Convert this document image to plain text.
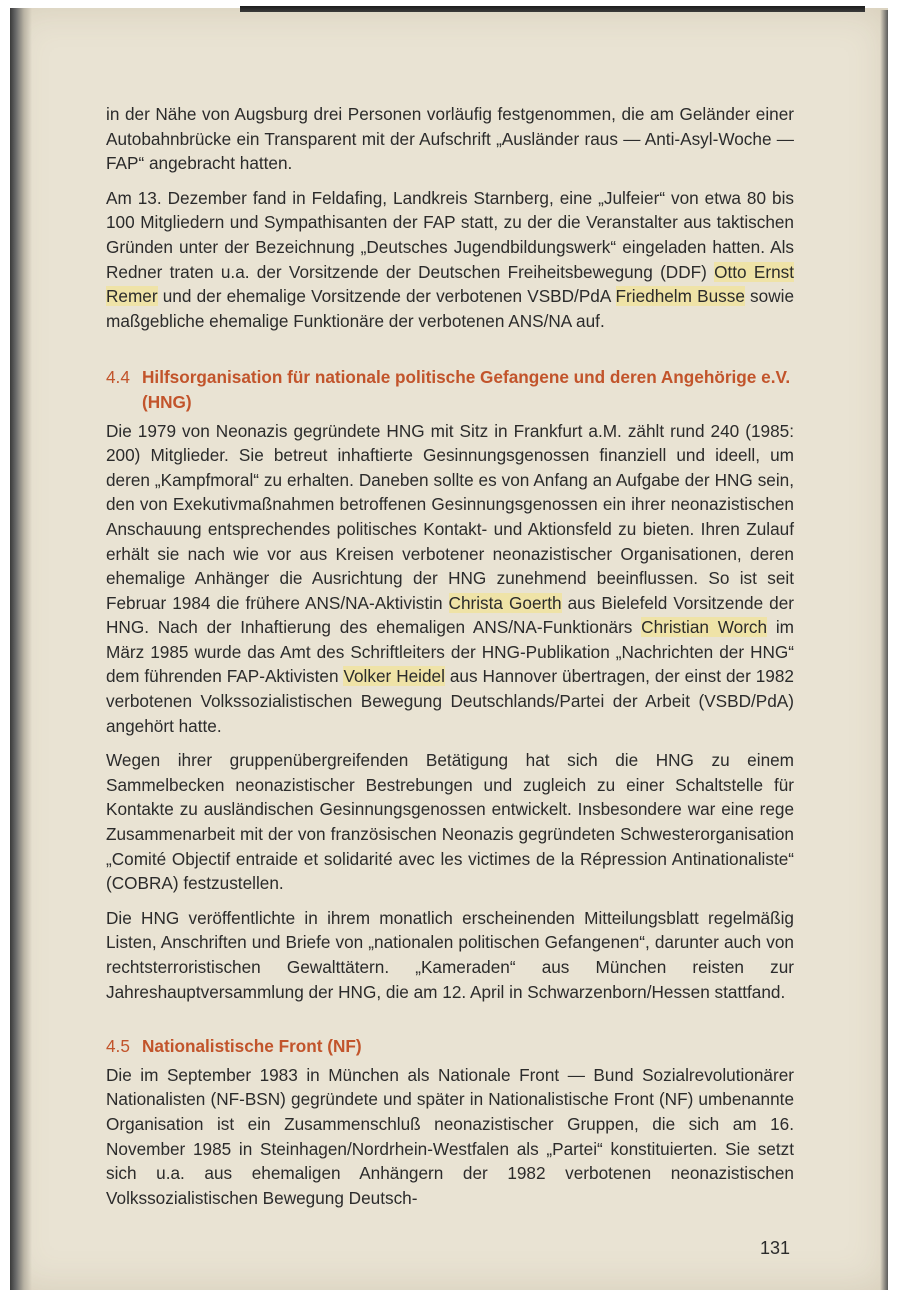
in der Nähe von Augsburg drei Personen vorläufig festgenommen, die am Geländer einer Autobahnbrücke ein Transparent mit der Aufschrift „Ausländer raus — Anti-Asyl-Woche — FAP“ angebracht hatten.

Am 13. Dezember fand in Feldafing, Landkreis Starnberg, eine „Julfeier“ von etwa 80 bis 100 Mitgliedern und Sympathisanten der FAP statt, zu der die Veranstalter aus taktischen Gründen unter der Bezeichnung „Deutsches Jugendbildungswerk“ eingeladen hatten. Als Redner traten u.a. der Vorsitzende der Deutschen Freiheitsbewegung (DDF) Otto Ernst Remer und der ehemalige Vorsitzende der verbotenen VSBD/PdA Friedhelm Busse sowie maßgebliche ehemalige Funktionäre der verbotenen ANS/NA auf.

4.4 Hilfsorganisation für nationale politische Gefangene und deren Angehörige e.V. (HNG)

Die 1979 von Neonazis gegründete HNG mit Sitz in Frankfurt a.M. zählt rund 240 (1985: 200) Mitglieder. Sie betreut inhaftierte Gesinnungsgenossen finanziell und ideell, um deren „Kampfmoral“ zu erhalten. Daneben sollte es von Anfang an Aufgabe der HNG sein, den von Exekutivmaßnahmen betroffenen Gesinnungsgenossen ein ihrer neonazistischen Anschauung entsprechendes politisches Kontakt- und Aktionsfeld zu bieten. Ihren Zulauf erhält sie nach wie vor aus Kreisen verbotener neonazistischer Organisationen, deren ehemalige Anhänger die Ausrichtung der HNG zunehmend beeinflussen. So ist seit Februar 1984 die frühere ANS/NA-Aktivistin Christa Goerth aus Bielefeld Vorsitzende der HNG. Nach der Inhaftierung des ehemaligen ANS/NA-Funktionärs Christian Worch im März 1985 wurde das Amt des Schriftleiters der HNG-Publikation „Nachrichten der HNG“ dem führenden FAP-Aktivisten Volker Heidel aus Hannover übertragen, der einst der 1982 verbotenen Volkssozialistischen Bewegung Deutschlands/Partei der Arbeit (VSBD/PdA) angehört hatte.

Wegen ihrer gruppenübergreifenden Betätigung hat sich die HNG zu einem Sammelbecken neonazistischer Bestrebungen und zugleich zu einer Schaltstelle für Kontakte zu ausländischen Gesinnungsgenossen entwickelt. Insbesondere war eine rege Zusammenarbeit mit der von französischen Neonazis gegründeten Schwesterorganisation „Comité Objectif entraide et solidarité avec les victimes de la Répression Antinationaliste“ (COBRA) festzustellen.

Die HNG veröffentlichte in ihrem monatlich erscheinenden Mitteilungsblatt regelmäßig Listen, Anschriften und Briefe von „nationalen politischen Gefangenen“, darunter auch von rechtsterroristischen Gewalttätern. „Kameraden“ aus München reisten zur Jahreshauptversammlung der HNG, die am 12. April in Schwarzenborn/Hessen stattfand.

4.5 Nationalistische Front (NF)

Die im September 1983 in München als Nationale Front — Bund Sozialrevolutionärer Nationalisten (NF-BSN) gegründete und später in Nationalistische Front (NF) umbenannte Organisation ist ein Zusammenschluß neonazistischer Gruppen, die sich am 16. November 1985 in Steinhagen/Nordrhein-Westfalen als „Partei“ konstituierten. Sie setzt sich u.a. aus ehemaligen Anhängern der 1982 verbotenen neonazistischen Volkssozialistischen Bewegung Deutsch-

131
